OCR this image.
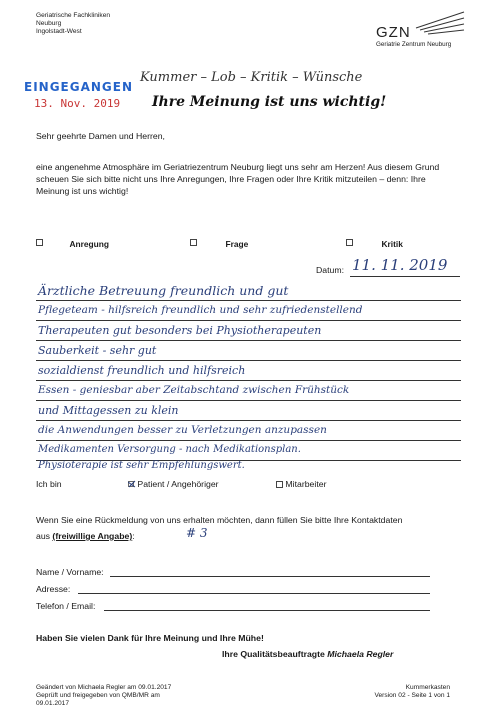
Geriatrische Fachkliniken
Neuburg
Ingolstadt-West	GZN
Geriatrie Zentrum Neuburg
EINGEGANGEN
13. Nov. 2019
Kummer – Lob – Kritik – Wünsche
Ihre Meinung ist uns wichtig!
Sehr geehrte Damen und Herren,
eine angenehme Atmosphäre im Geriatriezentrum Neuburg liegt uns sehr am Herzen! Aus diesem Grund scheuen Sie sich bitte nicht uns Ihre Anregungen, Ihre Fragen oder Ihre Kritik mitzuteilen – denn: Ihre Meinung ist uns wichtig!
Anregung	Frage	Kritik
Datum: 11. 11. 2019
Ärztliche Betreuung freundlich und gut
Pflegeteam - hilfsreich freundlich und sehr zufriedenstellend
Therapeuten gut besonders bei Physiotherapeuten
Sauberkeit - sehr gut
sozialdienst freundlich und hilfsreich
Essen - geniesbar aber Zeitabschtand zwischen Frühstück
und Mittagessen zu klein
die Anwendungen besser zu Verletzungen anzupassen
Medikamenten Versorgung - nach Medikationsplan.
Physioterapie ist sehr Empfehlungswert.
Ich bin	Patient / Angehöriger	Mitarbeiter
Wenn Sie eine Rückmeldung von uns erhalten möchten, dann füllen Sie bitte Ihre Kontaktdaten
aus (freiwillige Angabe):	# 3
Name / Vorname:
Adresse:
Telefon / Email:
Haben Sie vielen Dank für Ihre Meinung und Ihre Mühe!
Ihre Qualitätsbeauftragte Michaela Regler
Geändert von Michaela Regler am 09.01.2017
Geprüft und freigegeben von QMB/MR am
09.01.2017
Kummerkasten
Version 02 - Seite 1 von 1
